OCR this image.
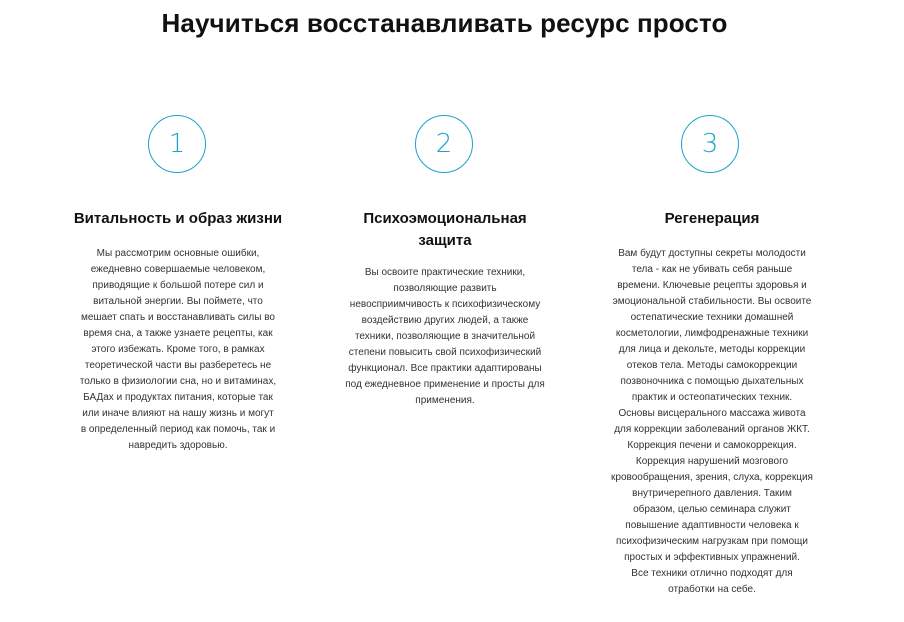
Научиться восстанавливать ресурс просто
1
Витальность и образ жизни
Мы рассмотрим основные ошибки,
ежедневно совершаемые человеком,
приводящие к большой потере сил и
витальной энергии. Вы поймете, что
мешает спать и восстанавливать силы во
время сна, а также узнаете рецепты, как
этого избежать. Кроме того, в рамках
теоретической части вы разберетесь не
только в физиологии сна, но и витаминах,
БАДах и продуктах питания, которые так
или иначе влияют на нашу жизнь и могут
в определенный период как помочь, так и
навредить здоровью.
2
Психоэмоциональная
защита
Вы освоите практические техники,
позволяющие развить
невосприимчивость к психофизическому
воздействию других людей, а также
техники, позволяющие в значительной
степени повысить свой психофизический
функционал. Все практики адаптированы
под ежедневное применение и просты для
применения.
3
Регенерация
Вам будут доступны секреты молодости
тела - как не убивать себя раньше
времени. Ключевые рецепты здоровья и
эмоциональной стабильности. Вы освоите
остепатические техники домашней
косметологии, лимфодренажные техники
для лица и декольте, методы коррекции
отеков тела. Методы самокоррекции
позвоночника с помощью дыхательных
практик и остеопатических техник.
Основы висцерального массажа живота
для коррекции заболеваний органов ЖКТ.
Коррекция печени и самокоррекция.
Коррекция нарушений мозгового
кровообращения, зрения, слуха, коррекция
внутричерепного давления. Таким
образом, целью семинара служит
повышение адаптивности человека к
психофизическим нагрузкам при помощи
простых и эффективных упражнений.
Все техники отлично подходят для
отработки на себе.
